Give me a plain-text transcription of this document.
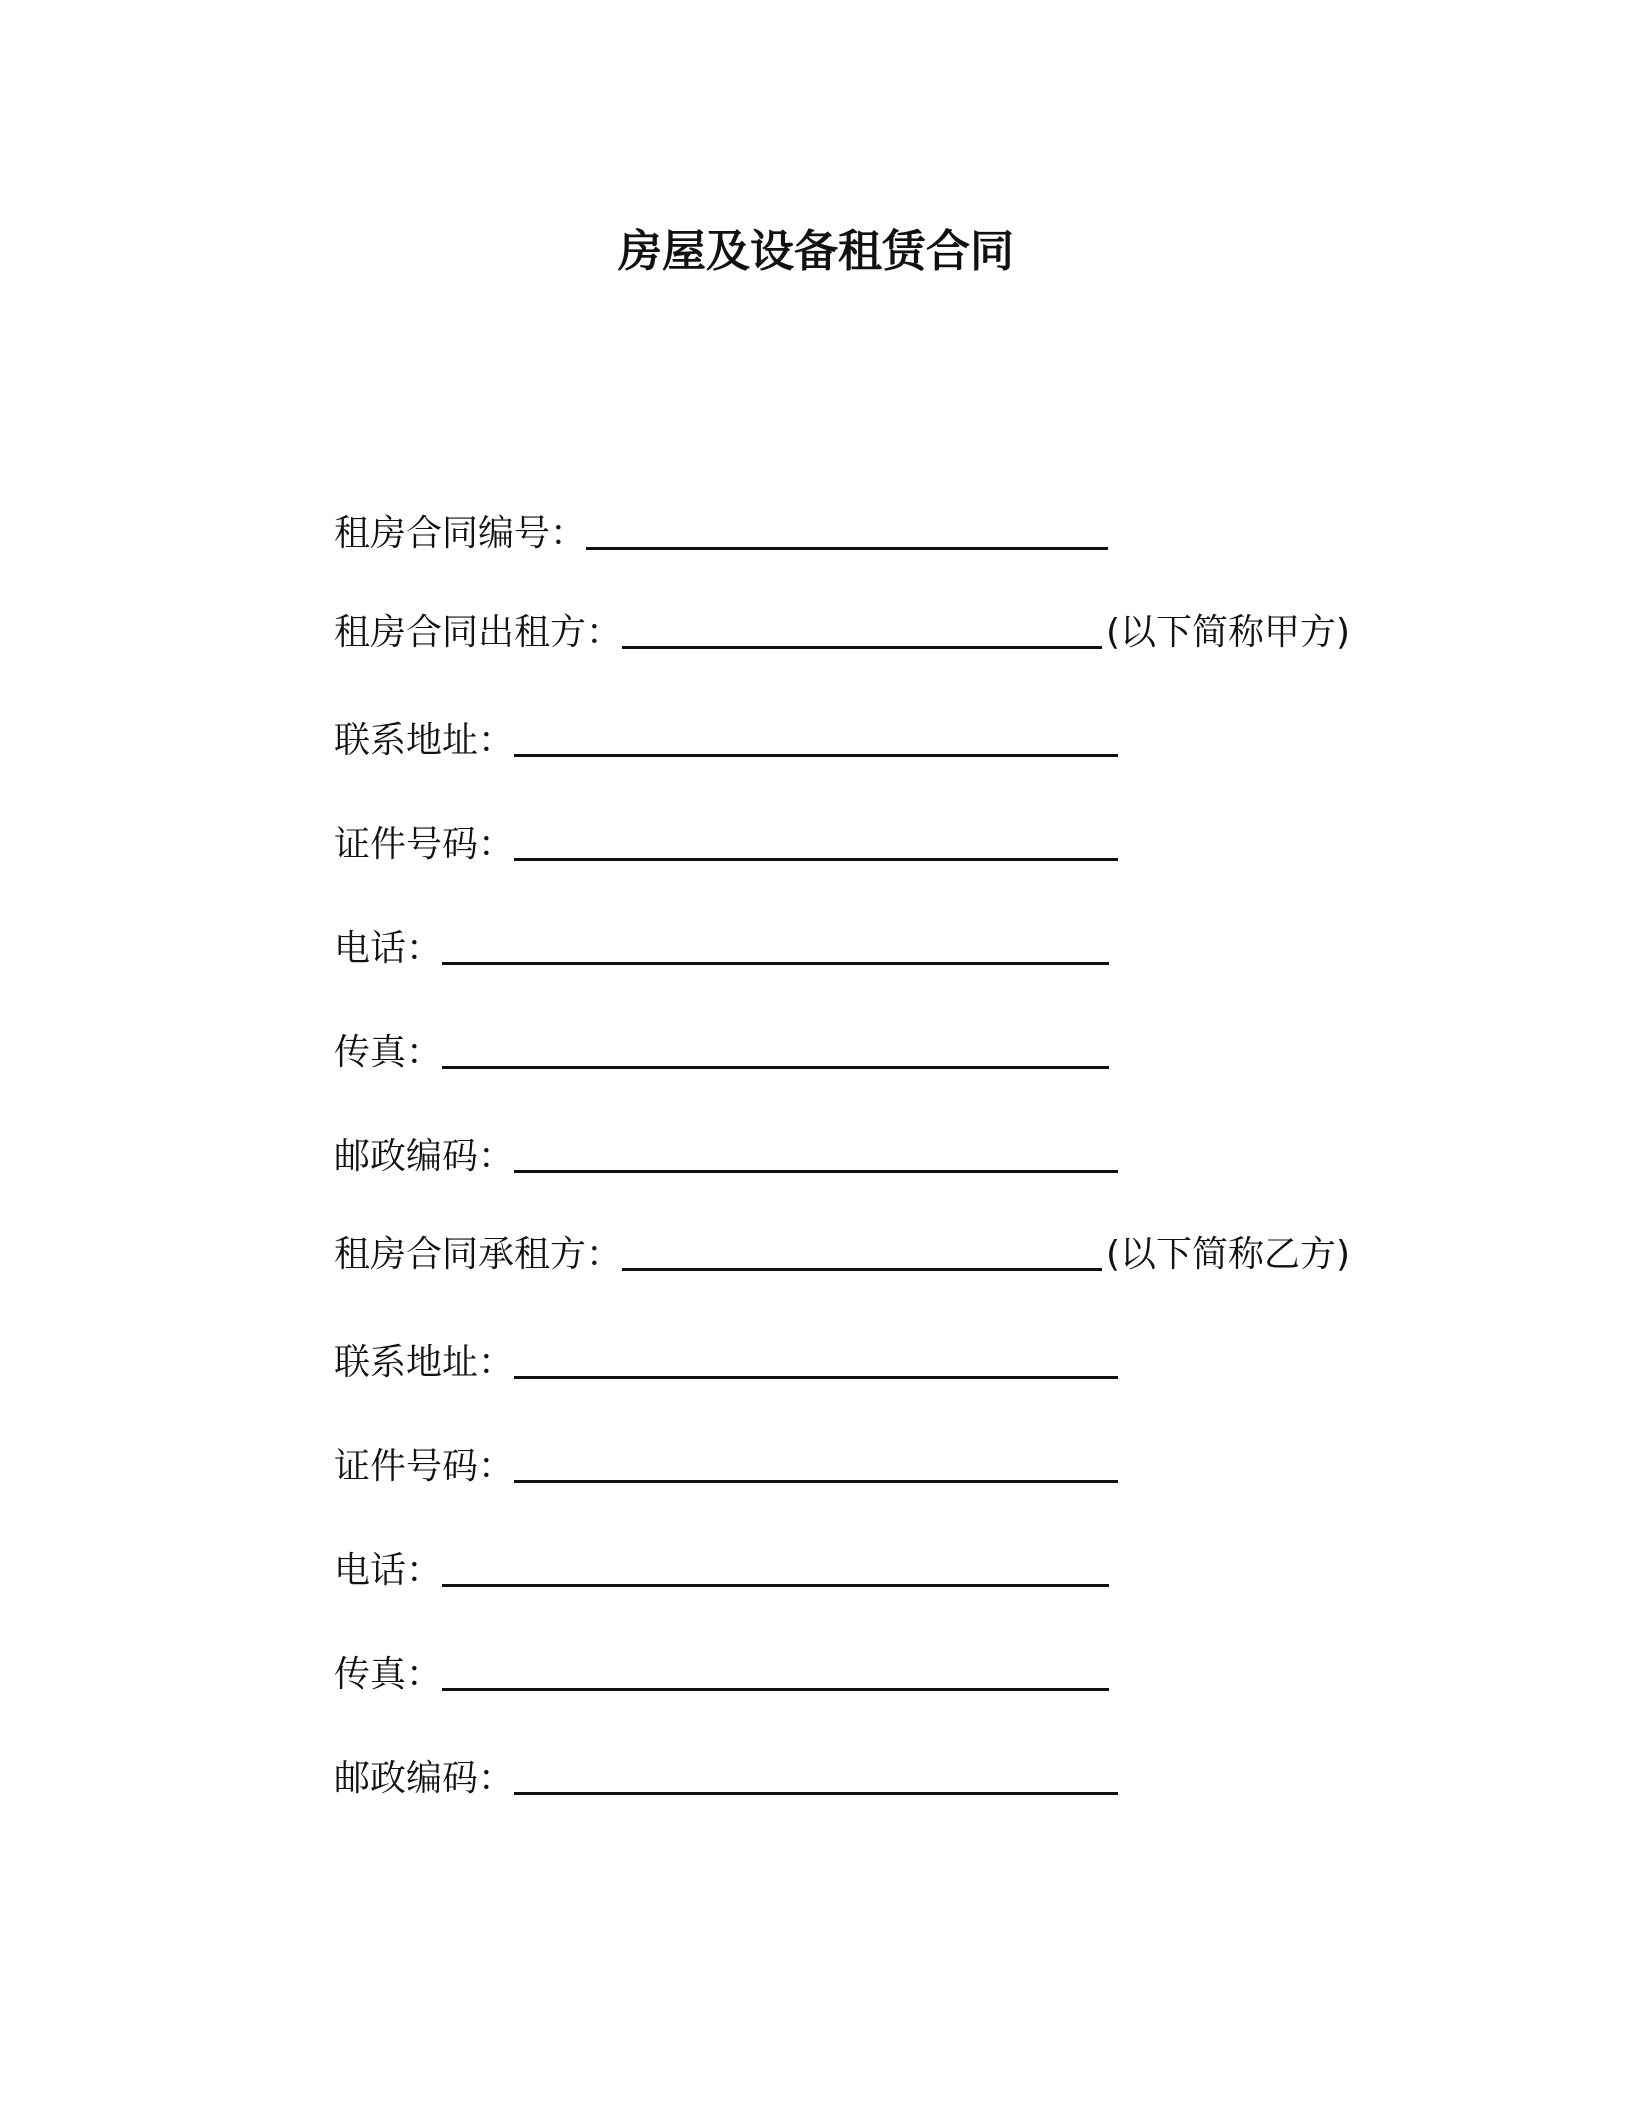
房屋及设备租赁合同
租房合同编号：
租房合同出租方：	(以下简称甲方)
联系地址：
证件号码：
电话：
传真：
邮政编码：
租房合同承租方：	(以下简称乙方)
联系地址：
证件号码：
电话：
传真：
邮政编码：
